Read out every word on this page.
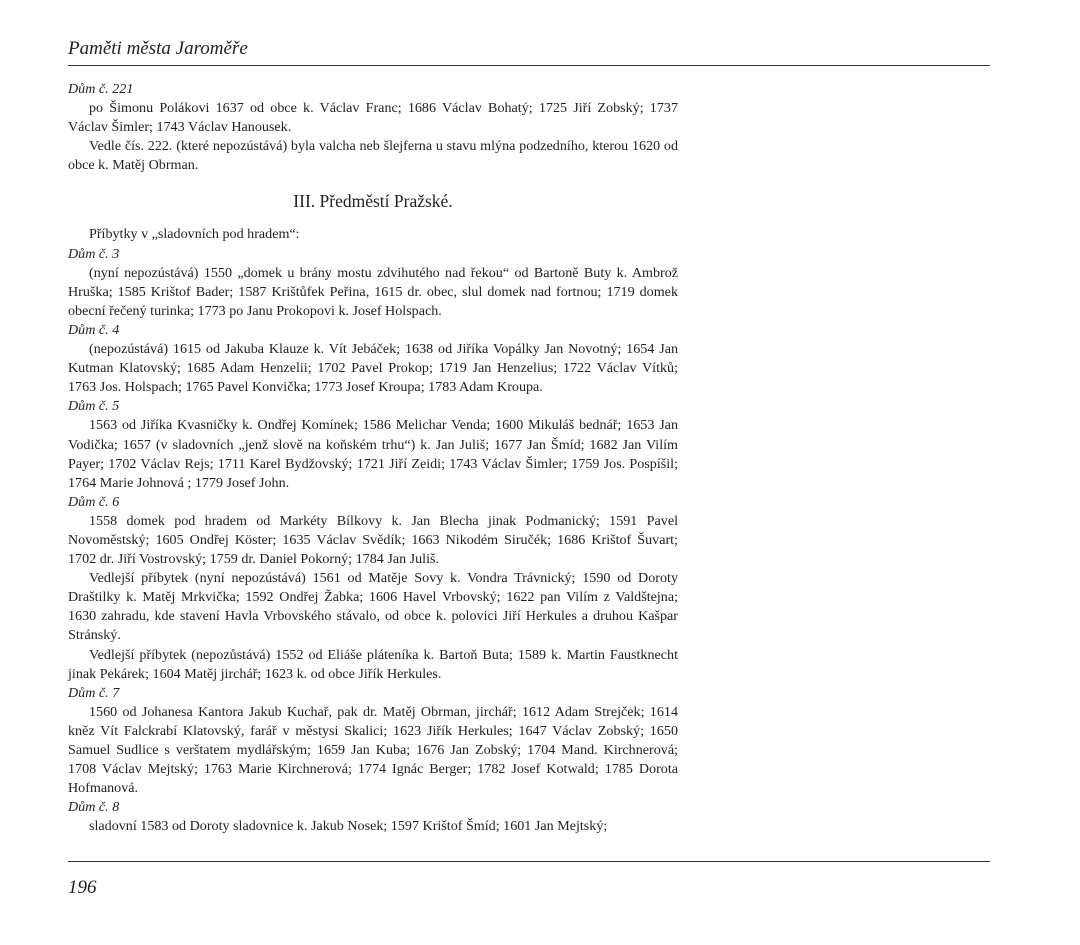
Paměti města Jaroměře

Dům č. 221

po Šimonu Polákovi 1637 od obce k. Václav Franc; 1686 Václav Bohatý; 1725 Jiří Zobský; 1737 Václav Šimler; 1743 Václav Hanousek.

Vedle čís. 222. (které nepozústává) byla valcha neb šlejferna u stavu mlýna podzedního, kterou 1620 od obce k. Matěj Obrman.

III. Předměstí Pražské.

Příbytky v „sladovních pod hradem“:

Dům č. 3

(nyní nepozústává) 1550 „domek u brány mostu zdvihutého nad řekou“ od Bartoně Buty k. Ambrož Hruška; 1585 Krištof Bader; 1587 Krištůfek Peřina, 1615 dr. obec, slul domek nad fortnou; 1719 domek obecní řečený turinka; 1773 po Janu Prokopovi k. Josef Holspach.

Dům č. 4

(nepozústává) 1615 od Jakuba Klauze k. Vít Jebáček; 1638 od Jiříka Vopálky Jan Novotný; 1654 Jan Kutman Klatovský; 1685 Adam Henzelii; 1702 Pavel Prokop; 1719 Jan Henzelius; 1722 Václav Vítků; 1763 Jos. Holspach; 1765 Pavel Konvička; 1773 Josef Kroupa; 1783 Adam Kroupa.

Dům č. 5

1563 od Jiříka Kvasničky k. Ondřej Komínek; 1586 Melichar Venda; 1600 Mikuláš bednář; 1653 Jan Vodička; 1657 (v sladovních „jenž slově na koňském trhu“) k. Jan Juliš; 1677 Jan Šmíd; 1682 Jan Vilím Payer; 1702 Václav Rejs; 1711 Karel Bydžovský; 1721 Jiří Zeidi; 1743 Václav Šimler; 1759 Jos. Pospíšil; 1764 Marie Johnová ; 1779 Josef John.

Dům č. 6

1558 domek pod hradem od Markéty Bílkovy k. Jan Blecha jinak Podmanický; 1591 Pavel Novoměstský; 1605 Ondřej Köster; 1635 Václav Svědík; 1663 Nikodém Siručék; 1686 Krištof Šuvart; 1702 dr. Jiří Vostrovský; 1759 dr. Daniel Pokorný; 1784 Jan Juliš.

Vedlejší příbytek (nyní nepozústává) 1561 od Matěje Sovy k. Vondra Trávnický; 1590 od Doroty Draštilky k. Matěj Mrkvička; 1592 Ondřej Žabka; 1606 Havel Vrbovský; 1622 pan Vilím z Valdštejna; 1630 zahradu, kde stavení Havla Vrbovského stávalo, od obce k. polovici Jiří Herkules a druhou Kašpar Stránský.

Vedlejší příbytek (nepozůstává) 1552 od Eliáše pláteníka k. Bartoň Buta; 1589 k. Martin Faustknecht jinak Pekárek; 1604 Matěj jirchář; 1623 k. od obce Jiřík Herkules.

Dům č. 7

1560 od Johanesa Kantora Jakub Kuchař, pak dr. Matěj Obrman, jirchář; 1612 Adam Strejček; 1614 kněz Vít Falckrabí Klatovský, farář v městysi Skalici; 1623 Jiřík Herkules; 1647 Václav Zobský; 1650 Samuel Sudlice s verštatem mydlářským; 1659 Jan Kuba; 1676 Jan Zobský; 1704 Mand. Kirchnerová; 1708 Václav Mejtský; 1763 Marie Kirchnerová; 1774 Ignác Berger; 1782 Josef Kotwald; 1785 Dorota Hofmanová.

Dům č. 8

sladovní 1583 od Doroty sladovnice k. Jakub Nosek; 1597 Krištof Šmíd; 1601 Jan Mejtský;

196
